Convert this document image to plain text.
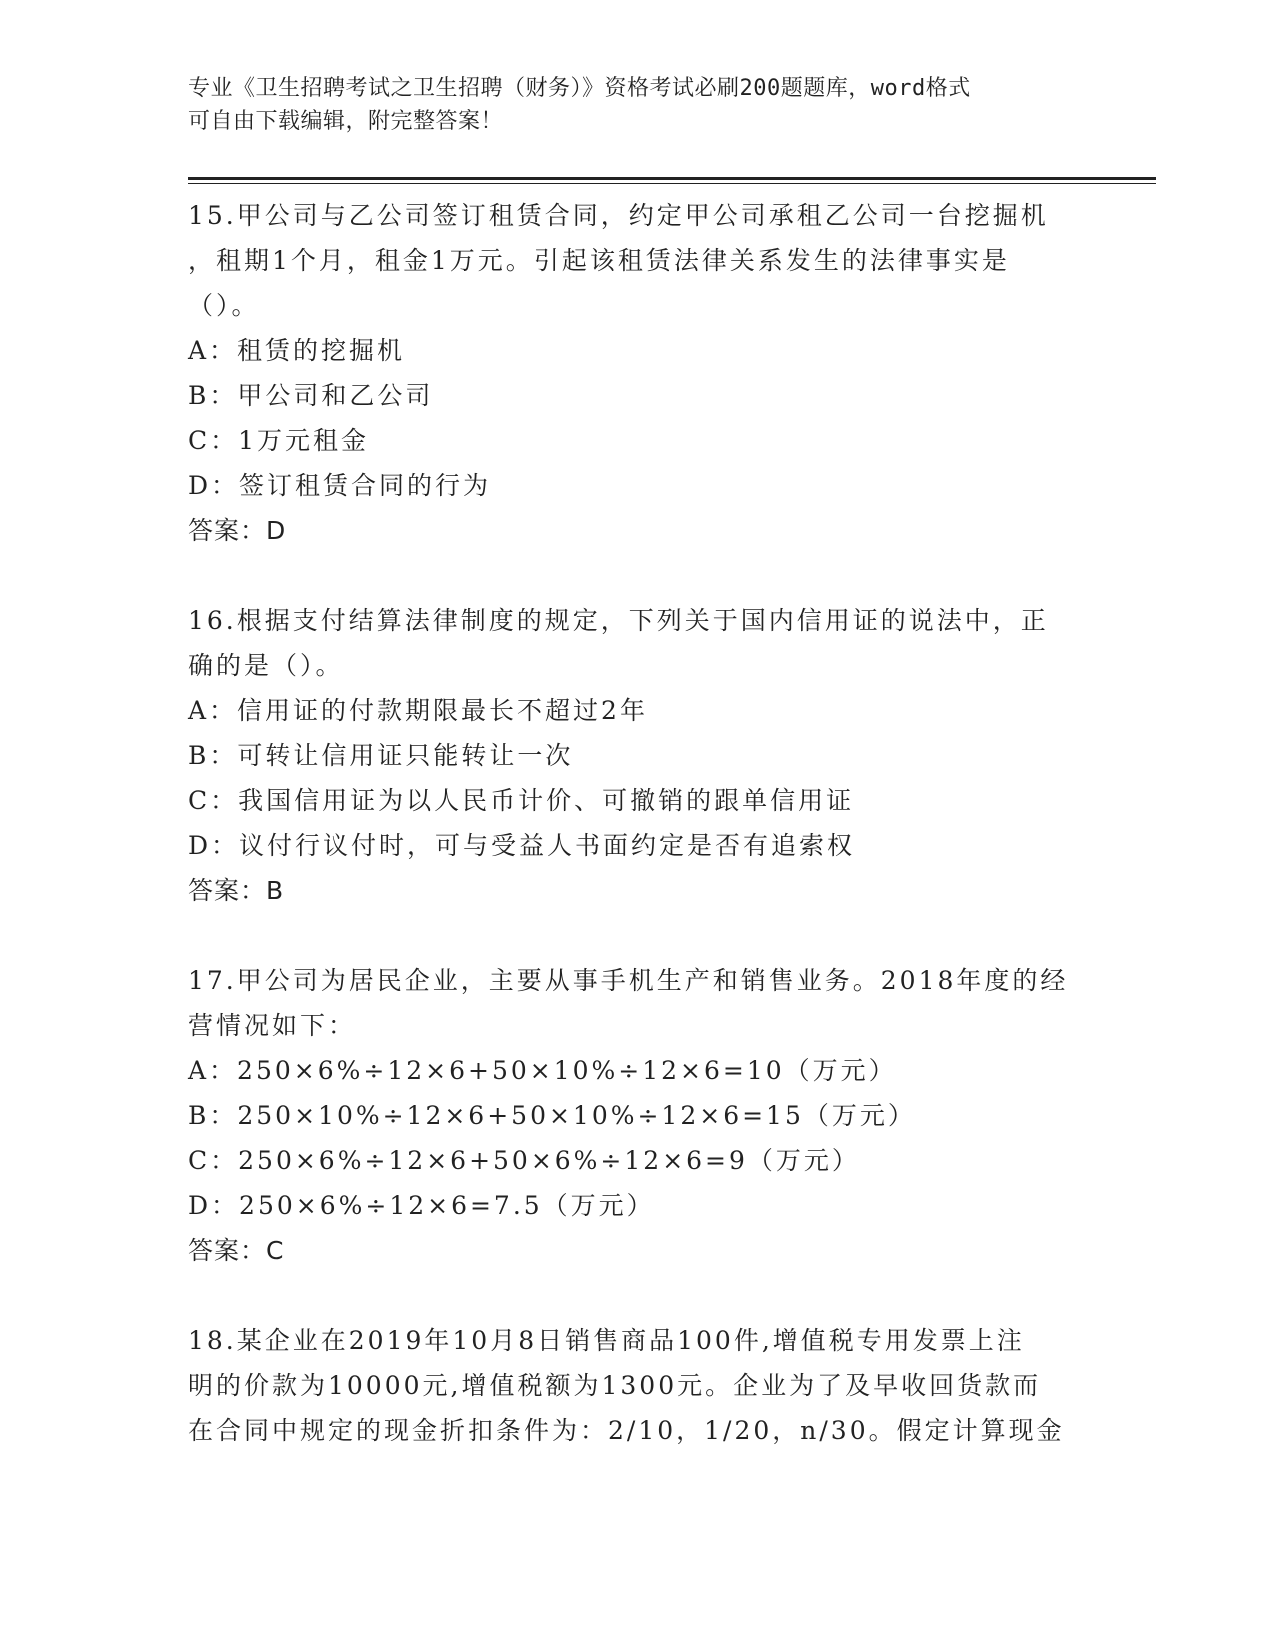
专业《卫生招聘考试之卫生招聘（财务）》资格考试必刷200题题库，word格式
可自由下载编辑，附完整答案！

15.甲公司与乙公司签订租赁合同，约定甲公司承租乙公司一台挖掘机

，租期1个月，租金1万元。引起该租赁法律关系发生的法律事实是

（）。

A：租赁的挖掘机

B：甲公司和乙公司

C：1万元租金

D：签订租赁合同的行为

答案：D

16.根据支付结算法律制度的规定，下列关于国内信用证的说法中，正

确的是（）。

A：信用证的付款期限最长不超过2年

B：可转让信用证只能转让一次

C：我国信用证为以人民币计价、可撤销的跟单信用证

D：议付行议付时，可与受益人书面约定是否有追索权

答案：B

17.甲公司为居民企业，主要从事手机生产和销售业务。2018年度的经

营情况如下：

A：250×6%÷12×6+50×10%÷12×6=10（万元）

B：250×10%÷12×6+50×10%÷12×6=15（万元）

C：250×6%÷12×6+50×6%÷12×6=9（万元）

D：250×6%÷12×6=7.5（万元）

答案：C

18.某企业在2019年10月8日销售商品100件,增值税专用发票上注

明的价款为10000元,增值税额为1300元。企业为了及早收回货款而

在合同中规定的现金折扣条件为：2/10，1/20，n/30。假定计算现金
